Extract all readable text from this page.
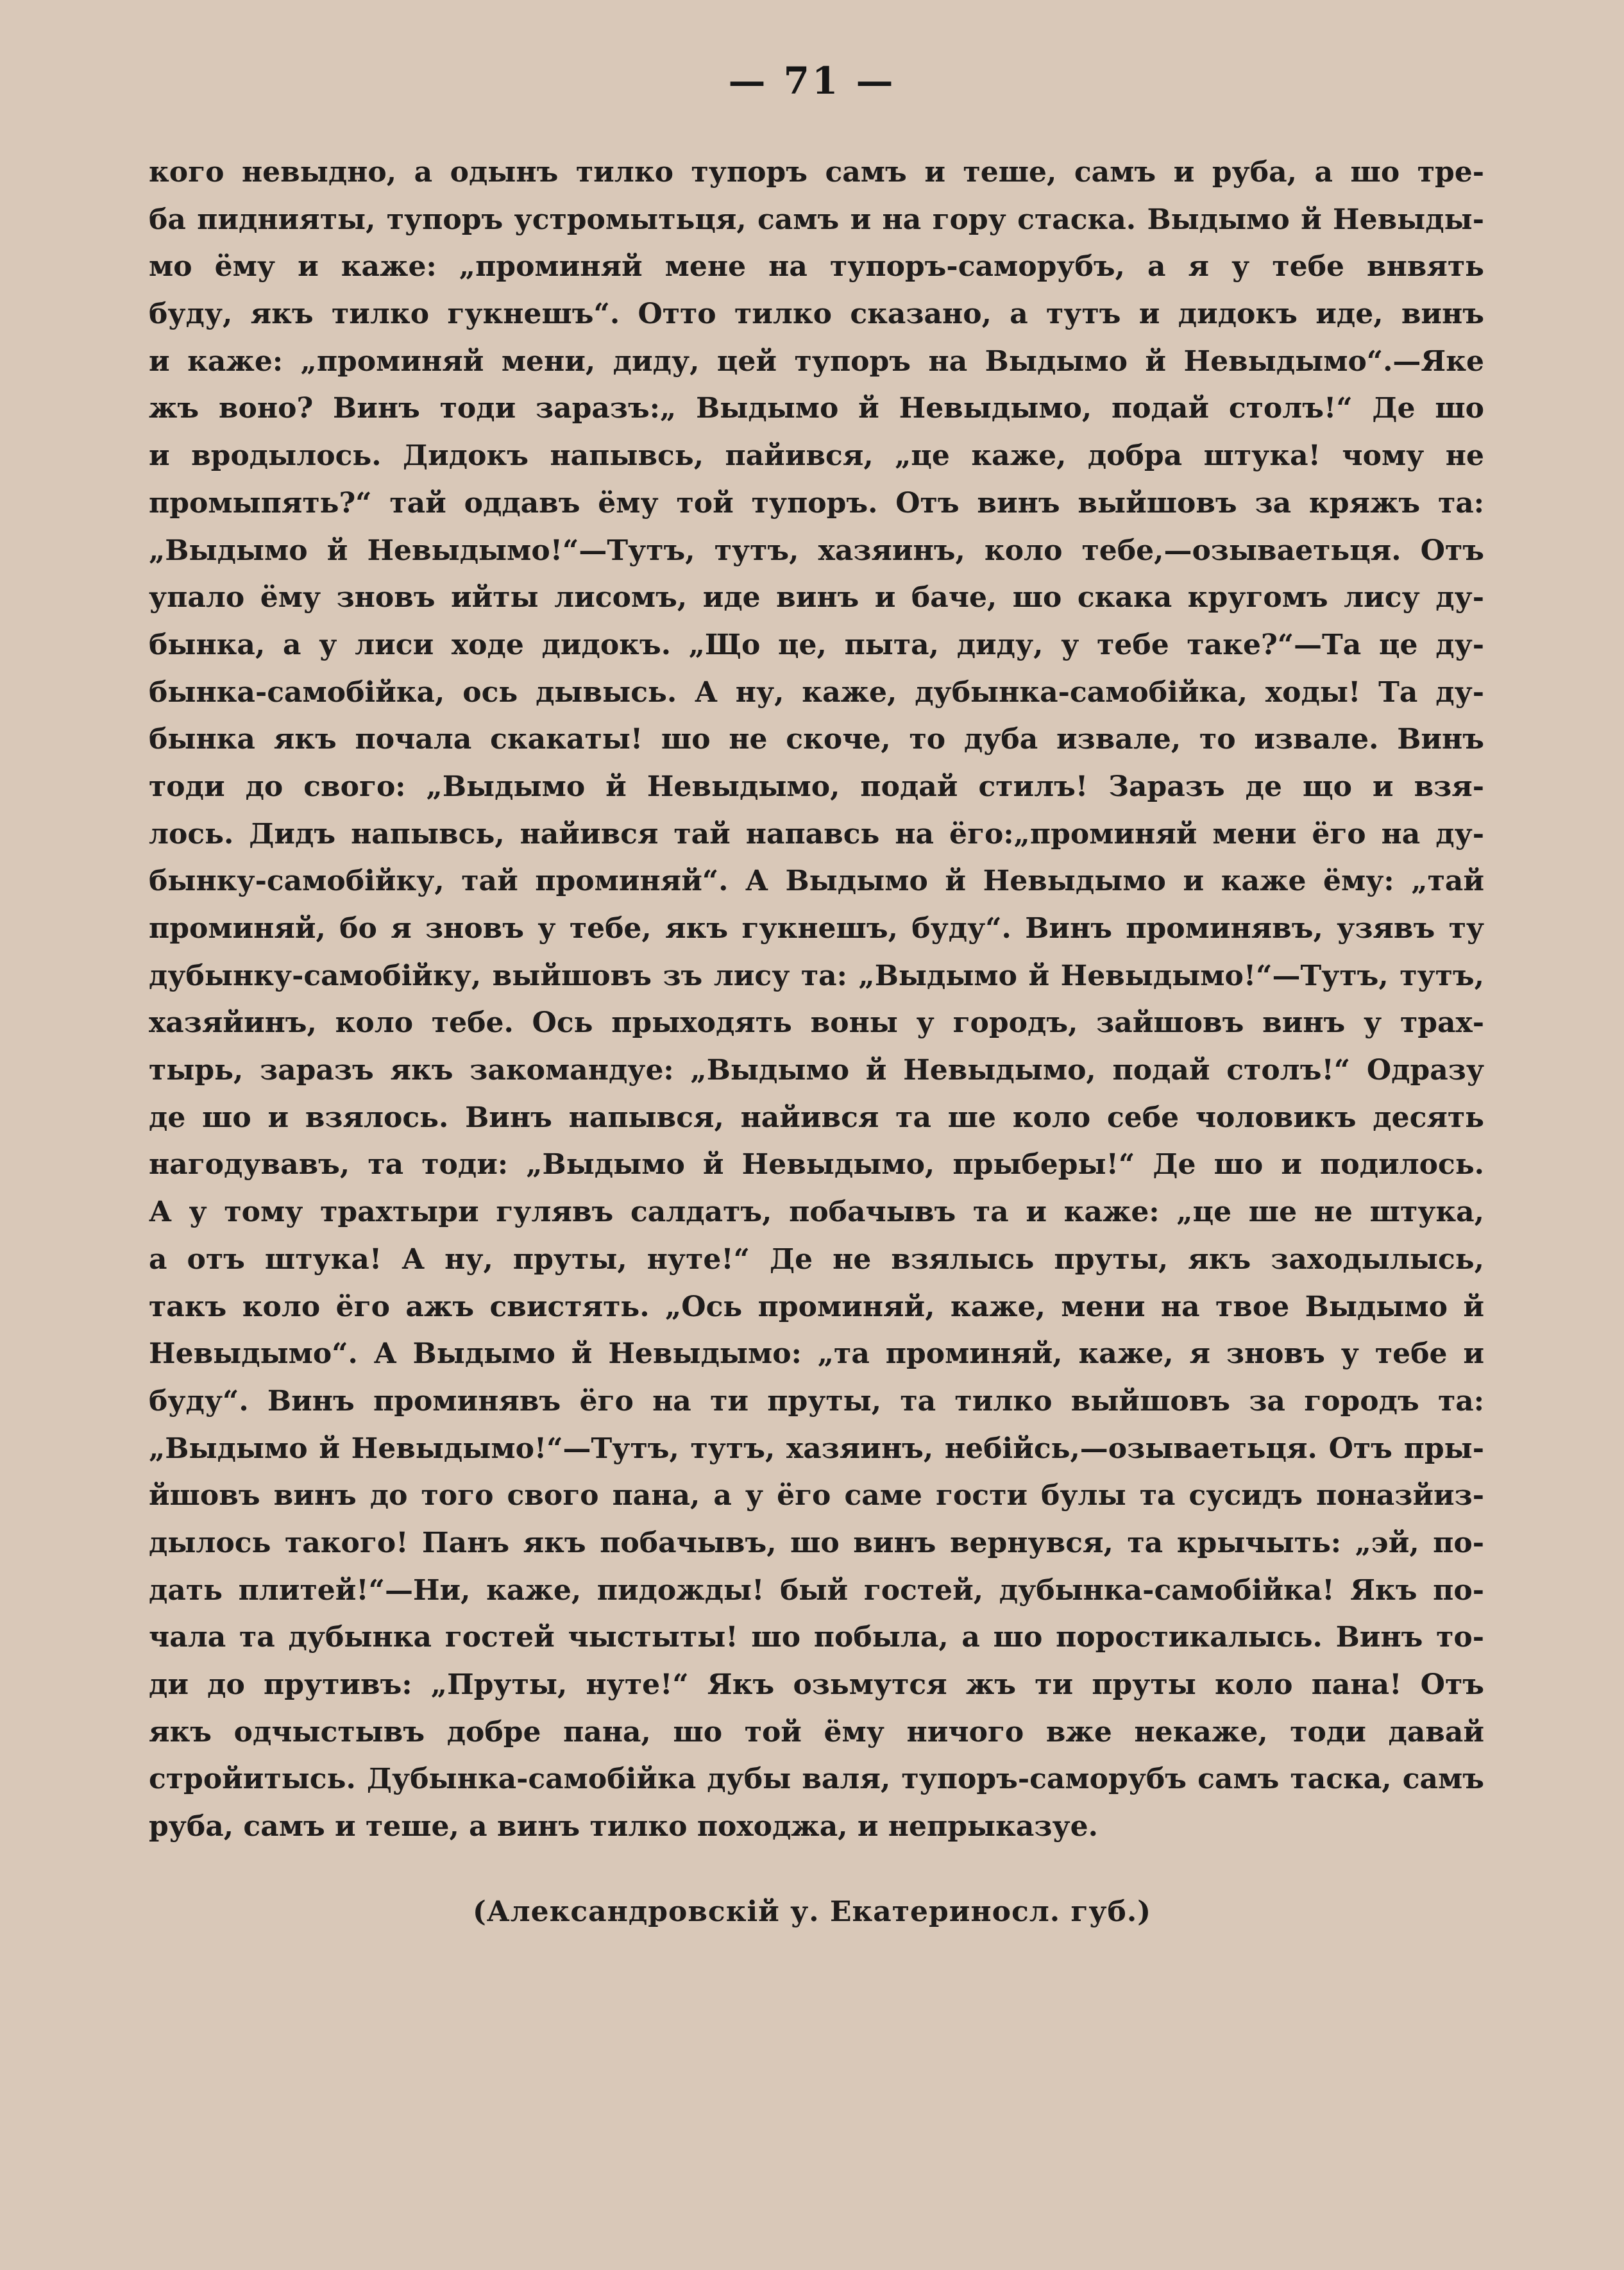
— 71 —
кого невыдно, а одынъ тилко тупоръ самъ и теше, самъ и руба, а шо тре-
ба пиднияты, тупоръ устромытьця, самъ и на гору стаска. Выдымо й Невыды-
мо ёму и каже: „проминяй мене на тупоръ-саморубъ, а я у тебе внвять
буду, якъ тилко гукнешъ“. Отто тилко сказано, а тутъ и дидокъ иде, винъ
и каже: „проминяй мени, диду, цей тупоръ на Выдымо й Невыдымо“.—Яке
жъ воно? Винъ тоди заразъ:„ Выдымо й Невыдымо, подай столъ!“ Де шо
и вродылось. Дидокъ напывсь, пайився, „це каже, добра штука! чому не
промыпять?“ тай оддавъ ёму той тупоръ. Отъ винъ выйшовъ за кряжъ та:
„Выдымо й Невыдымо!“—Тутъ, тутъ, хазяинъ, коло тебе,—озываетьця. Отъ
упало ёму зновъ ийты лисомъ, иде винъ и баче, шо скака кругомъ лису ду-
бынка, а у лиси ходе дидокъ. „Що це, пыта, диду, у тебе таке?“—Та це ду-
бынка-самобійка, ось дывысь. А ну, каже, дубынка-самобійка, ходы! Та ду-
бынка якъ почала скакаты! шо не скоче, то дуба извале, то извале. Винъ
тоди до свого: „Выдымо й Невыдымо, подай стилъ! Заразъ де що и взя-
лось. Дидъ напывсь, найився тай напавсь на ёго:„проминяй мени ёго на ду-
бынку-самобійку, тай проминяй“. А Выдымо й Невыдымо и каже ёму: „тай
проминяй, бо я зновъ у тебе, якъ гукнешъ, буду“. Винъ проминявъ, узявъ ту
дубынку-самобійку, выйшовъ зъ лису та: „Выдымо й Невыдымо!“—Тутъ, тутъ,
хазяйинъ, коло тебе. Ось прыходять воны у городъ, зайшовъ винъ у трах-
тырь, заразъ якъ закомандуе: „Выдымо й Невыдымо, подай столъ!“ Одразу
де шо и взялось. Винъ напывся, найився та ше коло себе чоловикъ десять
нагодувавъ, та тоди: „Выдымо й Невыдымо, прыберы!“ Де шо и подилось.
А у тому трахтыри гулявъ салдатъ, побачывъ та и каже: „це ше не штука,
а отъ штука! А ну, пруты, нуте!“ Де не взялысь пруты, якъ заходылысь,
такъ коло ёго ажъ свистять. „Ось проминяй, каже, мени на твое Выдымо й
Невыдымо“. А Выдымо й Невыдымо: „та проминяй, каже, я зновъ у тебе и
буду“. Винъ проминявъ ёго на ти пруты, та тилко выйшовъ за городъ та:
„Выдымо й Невыдымо!“—Тутъ, тутъ, хазяинъ, небійсь,—озываетьця. Отъ пры-
йшовъ винъ до того свого пана, а у ёго саме гости булы та сусидъ поназйиз-
дылось такого! Панъ якъ побачывъ, шо винъ вернувся, та крычыть: „эй, по-
дать плитей!“—Ни, каже, пидожды! бый гостей, дубынка-самобійка! Якъ по-
чала та дубынка гостей чыстыты! шо побыла, а шо поростикалысь. Винъ то-
ди до прутивъ: „Пруты, нуте!“ Якъ озьмутся жъ ти пруты коло пана! Отъ
якъ одчыстывъ добре пана, шо той ёму ничого вже некаже, тоди давай
стройитысь. Дубынка-самобійка дубы валя, тупоръ-саморубъ самъ таска, самъ
руба, самъ и теше, а винъ тилко походжа, и непрыказуе.
(Александровскій у. Екатериносл. губ.)
